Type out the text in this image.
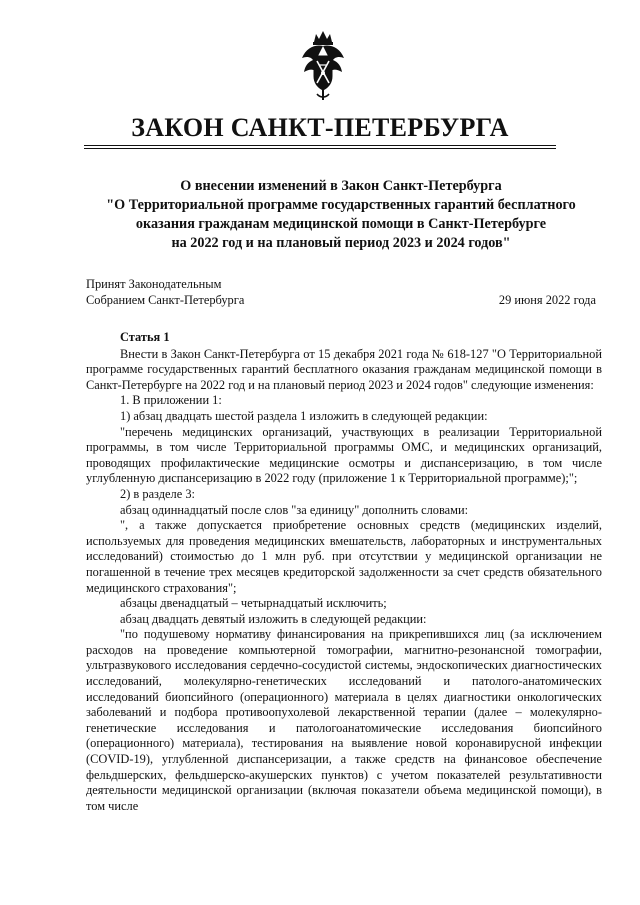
ЗАКОН САНКТ-ПЕТЕРБУРГА
О внесении изменений в Закон Санкт-Петербурга
"О Территориальной программе государственных гарантий бесплатного
оказания гражданам медицинской помощи в Санкт-Петербурге
на 2022 год и на плановый период 2023 и 2024 годов"
Принят Законодательным
Собранием Санкт-Петербурга	29 июня 2022 года

Статья 1

Внести в Закон Санкт-Петербурга от 15 декабря 2021 года № 618-127 "О Территориальной программе государственных гарантий бесплатного оказания гражданам медицинской помощи в Санкт-Петербурге на 2022 год и на плановый период 2023 и 2024 годов" следующие изменения:

1. В приложении 1:

1) абзац двадцать шестой раздела 1 изложить в следующей редакции:

"перечень медицинских организаций, участвующих в реализации Территориальной программы, в том числе Территориальной программы ОМС, и медицинских организаций, проводящих профилактические медицинские осмотры и диспансеризацию, в том числе углубленную диспансеризацию в 2022 году (приложение 1 к Территориальной программе);";

2) в разделе 3:

абзац одиннадцатый после слов "за единицу" дополнить словами:

", а также допускается приобретение основных средств (медицинских изделий, используемых для проведения медицинских вмешательств, лабораторных и инструментальных исследований) стоимостью до 1 млн руб. при отсутствии у медицинской организации не погашенной в течение трех месяцев кредиторской задолженности за счет средств обязательного медицинского страхования";

абзацы двенадцатый – четырнадцатый исключить;

абзац двадцать девятый изложить в следующей редакции:

"по подушевому нормативу финансирования на прикрепившихся лиц (за исключением расходов на проведение компьютерной томографии, магнитно-резонансной томографии, ультразвукового исследования сердечно-сосудистой системы, эндоскопических диагностических исследований, молекулярно-генетических исследований и патолого-анатомических исследований биопсийного (операционного) материала в целях диагностики онкологических заболеваний и подбора противоопухолевой лекарственной терапии (далее – молекулярно-генетические исследования и патологоанатомические исследования биопсийного (операционного) материала), тестирования на выявление новой коронавирусной инфекции (COVID-19), углубленной диспансеризации, а также средств на финансовое обеспечение фельдшерских, фельдшерско-акушерских пунктов) с учетом показателей результативности деятельности медицинской организации (включая показатели объема медицинской помощи), в том числе
